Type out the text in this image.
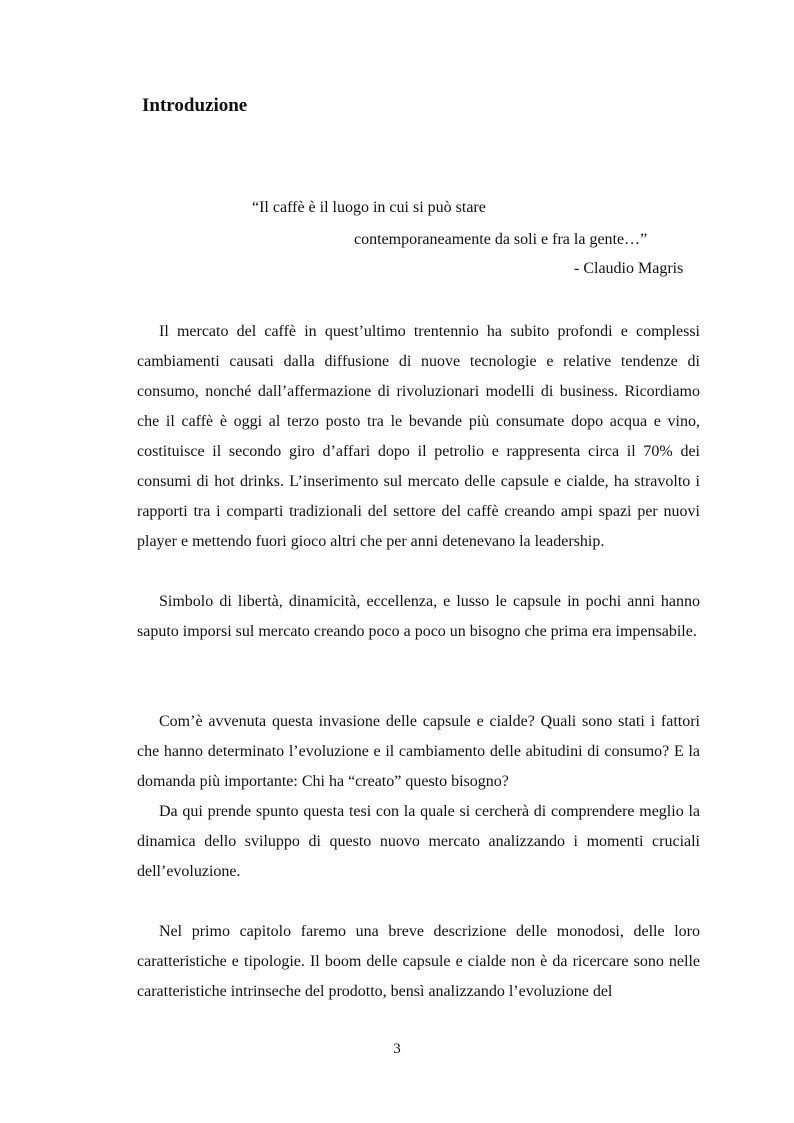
Introduzione
“Il caffè è il luogo in cui si può stare
contemporaneamente da soli e fra la gente…”
- Claudio Magris

Il mercato del caffè in quest’ultimo trentennio ha subito profondi e complessi cambiamenti causati dalla diffusione di nuove tecnologie e relative tendenze di consumo, nonché dall’affermazione di rivoluzionari modelli di business. Ricordiamo che il caffè è oggi al terzo posto tra le bevande più consumate dopo acqua e vino, costituisce il secondo giro d’affari dopo il petrolio e rappresenta circa il 70% dei consumi di hot drinks. L’inserimento sul mercato delle capsule e cialde, ha stravolto i rapporti tra i comparti tradizionali del settore del caffè creando ampi spazi per nuovi player e mettendo fuori gioco altri che per anni detenevano la leadership.

Simbolo di libertà, dinamicità, eccellenza, e lusso le capsule in pochi anni hanno saputo imporsi sul mercato creando poco a poco un bisogno che prima era impensabile.

Com’è avvenuta questa invasione delle capsule e cialde? Quali sono stati i fattori che hanno determinato l’evoluzione e il cambiamento delle abitudini di consumo? E la domanda più importante: Chi ha “creato” questo bisogno?

Da qui prende spunto questa tesi con la quale si cercherà di comprendere meglio la dinamica dello sviluppo di questo nuovo mercato analizzando i momenti cruciali dell’evoluzione.

Nel primo capitolo faremo una breve descrizione delle monodosi, delle loro caratteristiche e tipologie. Il boom delle capsule e cialde non è da ricercare sono nelle caratteristiche intrinseche del prodotto, bensì analizzando l’evoluzione del

3
